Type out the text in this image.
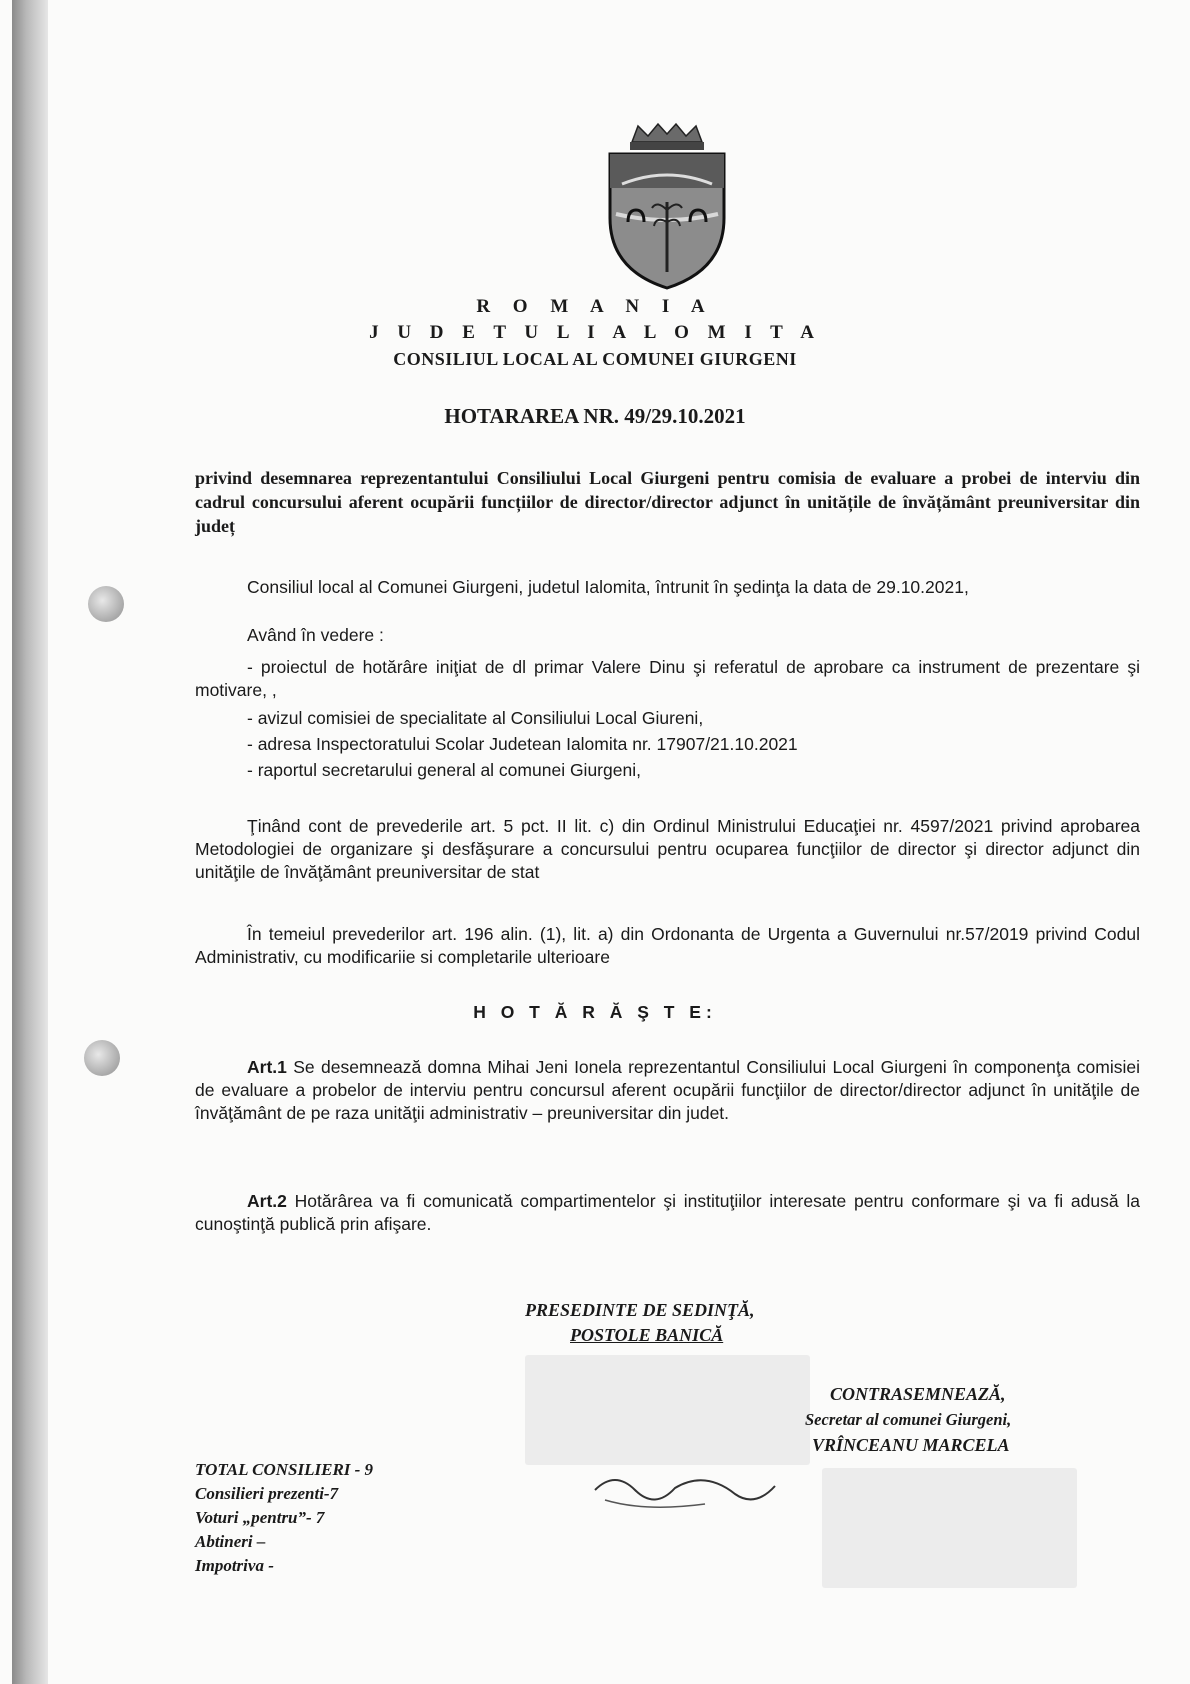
R O M A N I A
J U D E T U L I A L O M I T A
CONSILIUL LOCAL AL COMUNEI GIURGENI
HOTARAREA NR. 49/29.10.2021
privind desemnarea reprezentantului Consiliului Local Giurgeni pentru comisia de evaluare a probei de interviu din cadrul concursului aferent ocupării funcțiilor de director/director adjunct în unitățile de învățământ preuniversitar din județ

Consiliul local al Comunei Giurgeni, judetul Ialomita, întrunit în şedinţa la data de 29.10.2021,

Având în vedere :

- proiectul de hotărâre iniţiat de dl primar Valere Dinu şi referatul de aprobare ca instrument de prezentare şi motivare, ,

- avizul comisiei de specialitate al Consiliului Local Giureni,

- adresa Inspectoratului Scolar Judetean Ialomita nr. 17907/21.10.2021

- raportul secretarului general al comunei Giurgeni,

Ţinând cont de prevederile art. 5 pct. II lit. c) din Ordinul Ministrului Educaţiei nr. 4597/2021 privind aprobarea Metodologiei de organizare şi desfăşurare a concursului pentru ocuparea funcţiilor de director şi director adjunct din unităţile de învăţământ preuniversitar de stat

În temeiul prevederilor art. 196 alin. (1), lit. a) din Ordonanta de Urgenta a Guvernului nr.57/2019 privind Codul Administrativ, cu modificariie si completarile ulterioare

H O T Ă R Ă Ş T E:

Art.1 Se desemnează domna Mihai Jeni Ionela reprezentantul Consiliului Local Giurgeni în componenţa comisiei de evaluare a probelor de interviu pentru concursul aferent ocupării funcţiilor de director/director adjunct în unităţile de învăţământ de pe raza unităţii administrativ – preuniversitar din judet.

Art.2 Hotărârea va fi comunicată compartimentelor şi instituţiilor interesate pentru conformare şi va fi adusă la cunoştinţă publică prin afişare.

PRESEDINTE DE SEDINŢĂ,
POSTOLE BANICĂ
CONTRASEMNEAZĂ,
Secretar al comunei Giurgeni,
VRÎNCEANU MARCELA
TOTAL CONSILIERI - 9
Consilieri prezenti-7
Voturi „pentru”- 7
Abtineri –
Impotriva -
